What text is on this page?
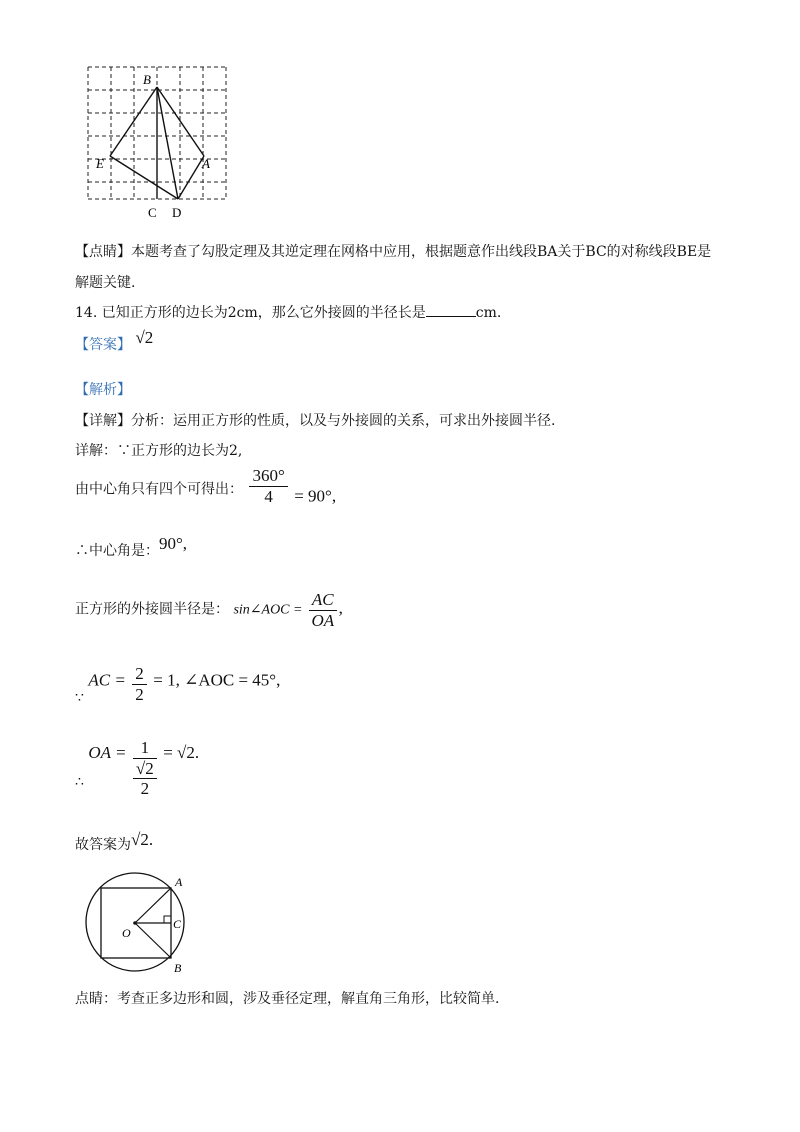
B
E	A
C D
【点睛】本题考查了勾股定理及其逆定理在网格中应用，根据题意作出线段BA关于BC的对称线段BE是
解题关键.
14. 已知正方形的边长为2cm，那么它外接圆的半径长是	cm.
【答案】 √2
【解析】
【详解】分析：运用正方形的性质，以及与外接圆的关系，可求出外接圆半径.
详解：∵正方形的边长为2,
由中心角只有四个可得出： $\frac{360^\circ}{4} = 90^\circ$,
∴中心角是：90°,
正方形的外接圆半径是： sin∠AOC = $\frac{AC}{OA}$ ,
∵ AC = $\frac{2}{2} = 1$, ∠AOC = 45°,
∴ OA = 1
√2
2 = √2.
故答案为√2.
A
C
O
B
点睛：考查正多边形和圆，涉及垂径定理，解直角三角形，比较简单.
